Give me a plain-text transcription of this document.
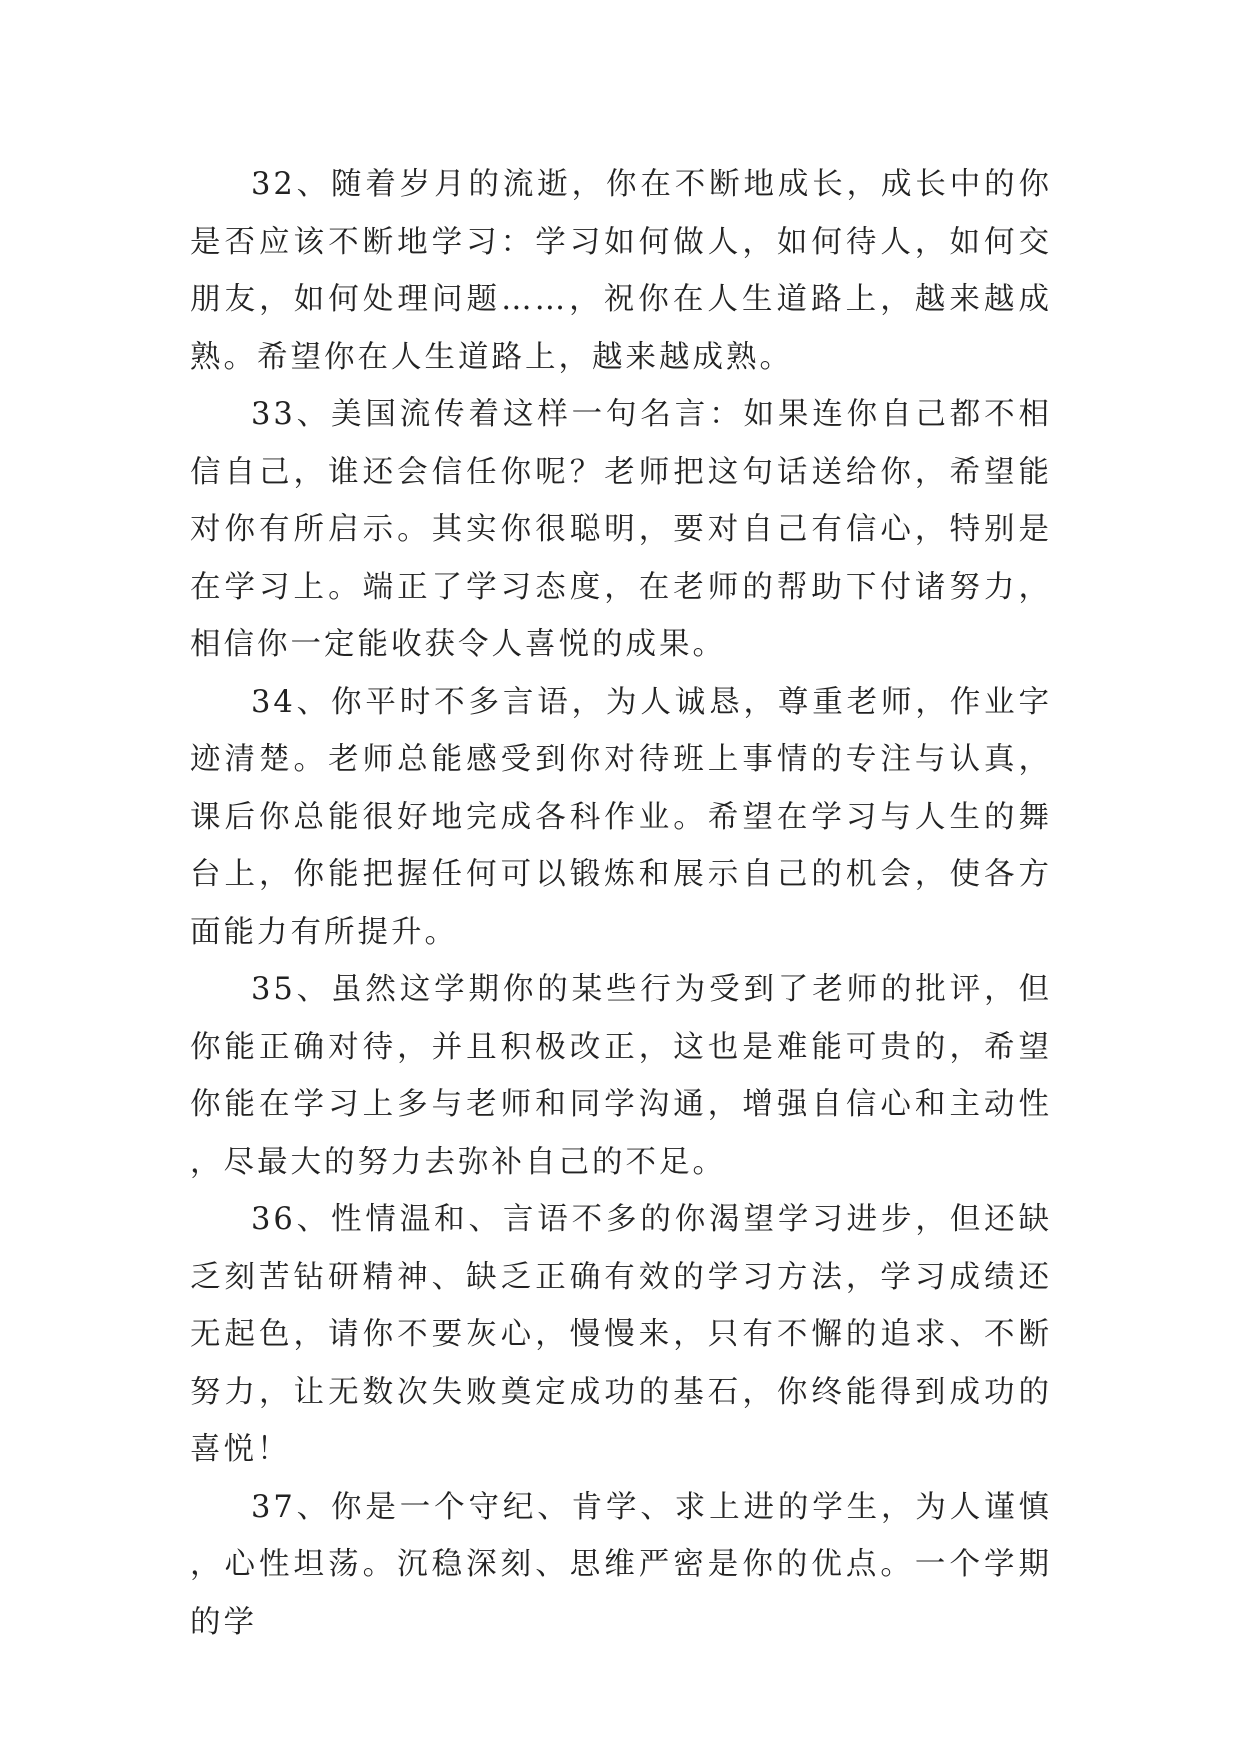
32、随着岁月的流逝，你在不断地成长，成长中的你是否应该不断地学习：学习如何做人，如何待人，如何交朋友，如何处理问题……，祝你在人生道路上，越来越成熟。希望你在人生道路上，越来越成熟。

33、美国流传着这样一句名言：如果连你自己都不相信自己，谁还会信任你呢？老师把这句话送给你，希望能对你有所启示。其实你很聪明，要对自己有信心，特别是在学习上。端正了学习态度，在老师的帮助下付诸努力，相信你一定能收获令人喜悦的成果。

34、你平时不多言语，为人诚恳，尊重老师，作业字迹清楚。老师总能感受到你对待班上事情的专注与认真，课后你总能很好地完成各科作业。希望在学习与人生的舞台上，你能把握任何可以锻炼和展示自己的机会，使各方面能力有所提升。

35、虽然这学期你的某些行为受到了老师的批评，但你能正确对待，并且积极改正，这也是难能可贵的，希望你能在学习上多与老师和同学沟通，增强自信心和主动性，尽最大的努力去弥补自己的不足。

36、性情温和、言语不多的你渴望学习进步，但还缺乏刻苦钻研精神、缺乏正确有效的学习方法，学习成绩还无起色，请你不要灰心，慢慢来，只有不懈的追求、不断努力，让无数次失败奠定成功的基石，你终能得到成功的喜悦！

37、你是一个守纪、肯学、求上进的学生，为人谨慎，心性坦荡。沉稳深刻、思维严密是你的优点。一个学期的学
